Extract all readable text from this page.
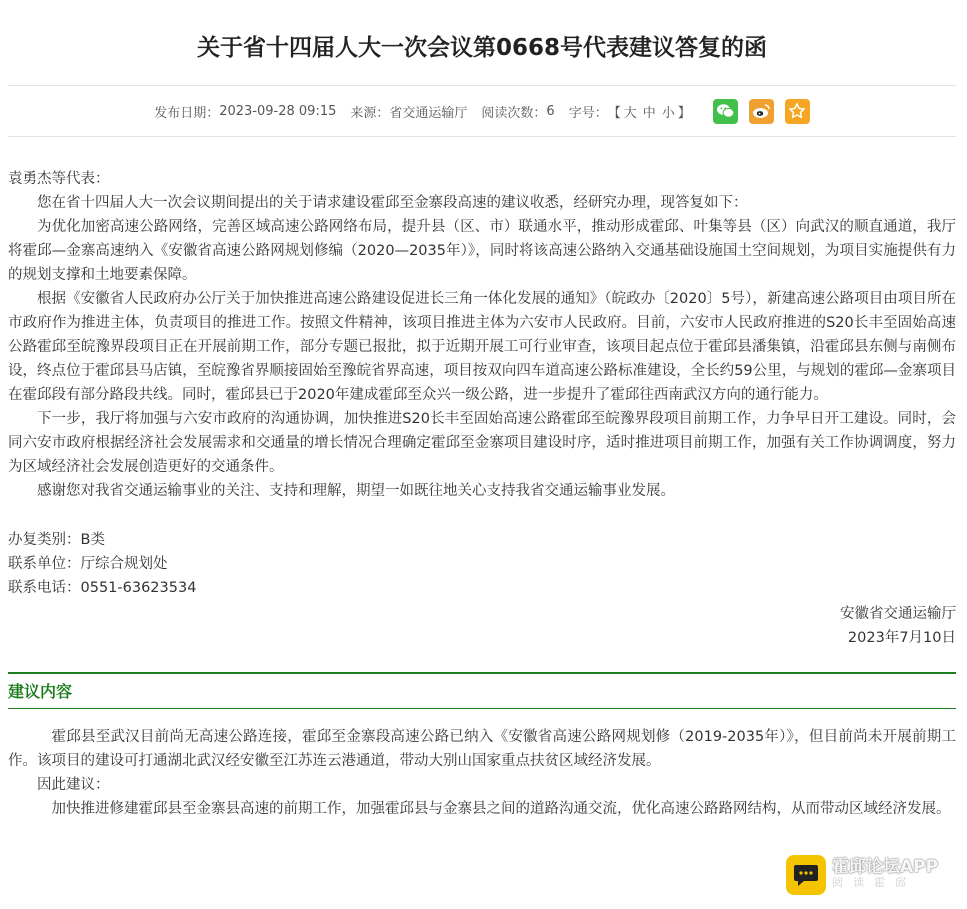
关于省十四届人大一次会议第0668号代表建议答复的函
发布日期： 2023-09-28 09:15 来源： 省交通运输厅 阅读次数： 6 字号： 【 大 中 小 】

袁勇杰等代表：

您在省十四届人大一次会议期间提出的关于请求建设霍邱至金寨段高速的建议收悉，经研究办理，现答复如下：

为优化加密高速公路网络，完善区域高速公路网络布局，提升县（区、市）联通水平，推动形成霍邱、叶集等县（区）向武汉的顺直通道，我厅将霍邱—金寨高速纳入《安徽省高速公路网规划修编（2020—2035年）》，同时将该高速公路纳入交通基础设施国土空间规划，为项目实施提供有力的规划支撑和土地要素保障。

根据《安徽省人民政府办公厅关于加快推进高速公路建设促进长三角一体化发展的通知》（皖政办〔2020〕5号），新建高速公路项目由项目所在市政府作为推进主体，负责项目的推进工作。按照文件精神，该项目推进主体为六安市人民政府。目前，六安市人民政府推进的S20长丰至固始高速公路霍邱至皖豫界段项目正在开展前期工作，部分专题已报批，拟于近期开展工可行业审查，该项目起点位于霍邱县潘集镇，沿霍邱县东侧与南侧布设，终点位于霍邱县马店镇，至皖豫省界顺接固始至豫皖省界高速，项目按双向四车道高速公路标准建设，全长约59公里，与规划的霍邱—金寨项目在霍邱段有部分路段共线。同时，霍邱县已于2020年建成霍邱至众兴一级公路，进一步提升了霍邱往西南武汉方向的通行能力。

下一步，我厅将加强与六安市政府的沟通协调，加快推进S20长丰至固始高速公路霍邱至皖豫界段项目前期工作，力争早日开工建设。同时，会同六安市政府根据经济社会发展需求和交通量的增长情况合理确定霍邱至金寨项目建设时序，适时推进项目前期工作，加强有关工作协调调度，努力为区域经济社会发展创造更好的交通条件。

感谢您对我省交通运输事业的关注、支持和理解，期望一如既往地关心支持我省交通运输事业发展。

办复类别：B类

联系单位：厅综合规划处

联系电话：0551-63623534

安徽省交通运输厅

2023年7月10日

建议内容

霍邱县至武汉目前尚无高速公路连接，霍邱至金寨段高速公路已纳入《安徽省高速公路网规划修（2019-2035年）》，但目前尚未开展前期工作。该项目的建设可打通湖北武汉经安徽至江苏连云港通道，带动大别山国家重点扶贫区域经济发展。

因此建议：

加快推进修建霍邱县至金寨县高速的前期工作，加强霍邱县与金寨县之间的道路沟通交流，优化高速公路路网结构，从而带动区域经济发展。

霍邱论坛APP
阅读霍邱
